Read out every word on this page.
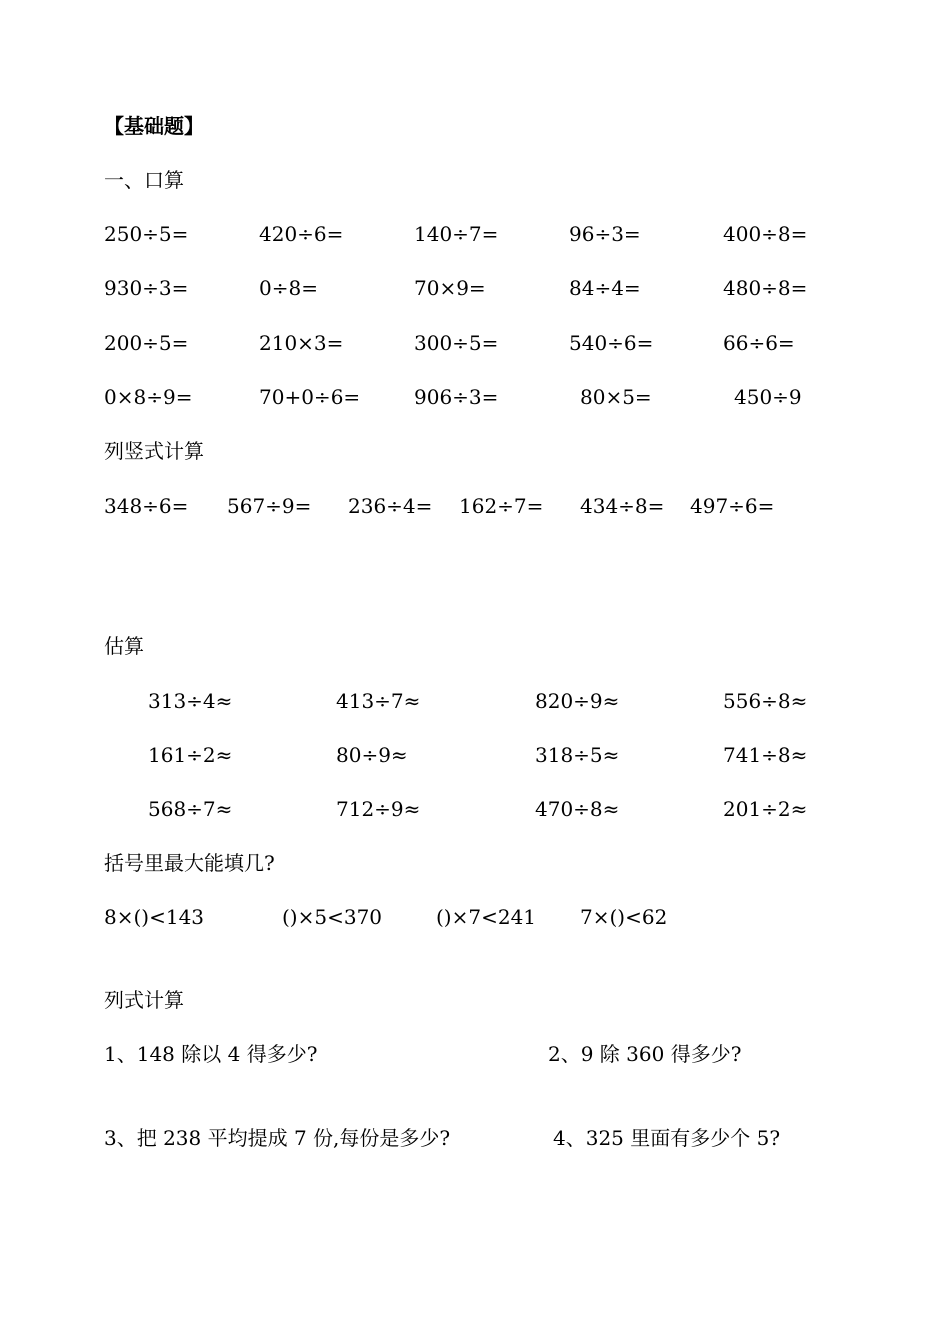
【基础题】
一、口算
250÷5=	420÷6=	140÷7=	96÷3=	400÷8=
930÷3=	0÷8=	70×9=	84÷4=	480÷8=
200÷5=	210×3=	300÷5=	540÷6=	66÷6=
0×8÷9=	70+0÷6=	906÷3=	80×5=	450÷9
列竖式计算
348÷6= 567÷9= 236÷4= 162÷7= 434÷8= 497÷6=
估算
313÷4≈	413÷7≈	820÷9≈	556÷8≈
161÷2≈	80÷9≈	318÷5≈	741÷8≈
568÷7≈	712÷9≈	470÷8≈	201÷2≈
括号里最大能填几?
8×()<143	()×5<370	()×7<241 7×()<62
列式计算
1、148 除以 4 得多少?	2、9 除 360 得多少?
3、把 238 平均提成 7 份,每份是多少?	4、325 里面有多少个 5?
